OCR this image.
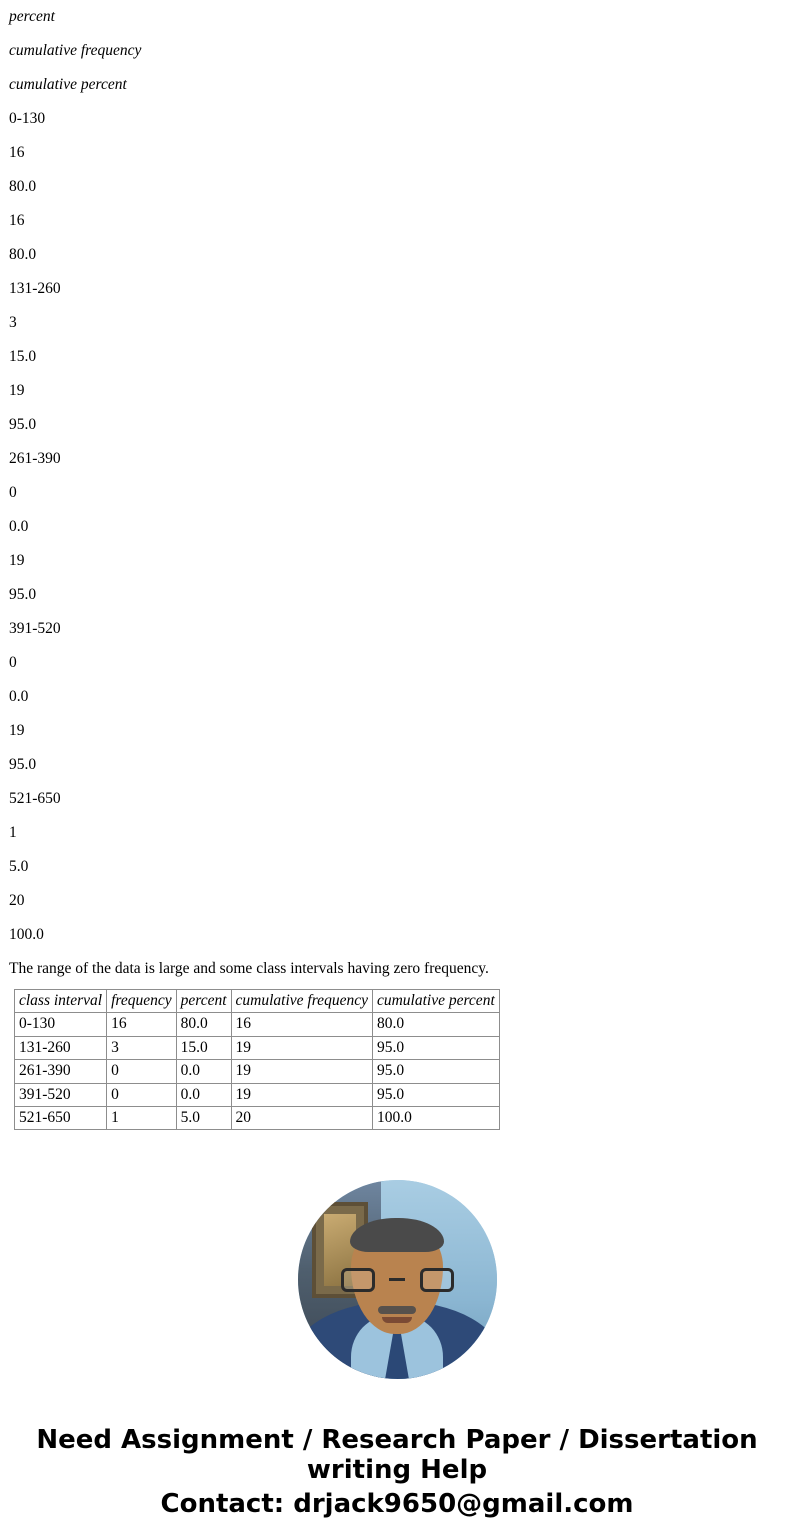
percent
cumulative frequency
cumulative percent
0-130
16
80.0
16
80.0
131-260
3
15.0
19
95.0
261-390
0
0.0
19
95.0
391-520
0
0.0
19
95.0
521-650
1
5.0
20
100.0
The range of the data is large and some class intervals having zero frequency.
class interval	frequency	percent	cumulative frequency	cumulative percent
0-130	16	80.0	16	80.0
131-260	3	15.0	19	95.0
261-390	0	0.0	19	95.0
391-520	0	0.0	19	95.0
521-650	1	5.0	20	100.0
Need Assignment / Research Paper / Dissertation writing Help
Contact: drjack9650@gmail.com
